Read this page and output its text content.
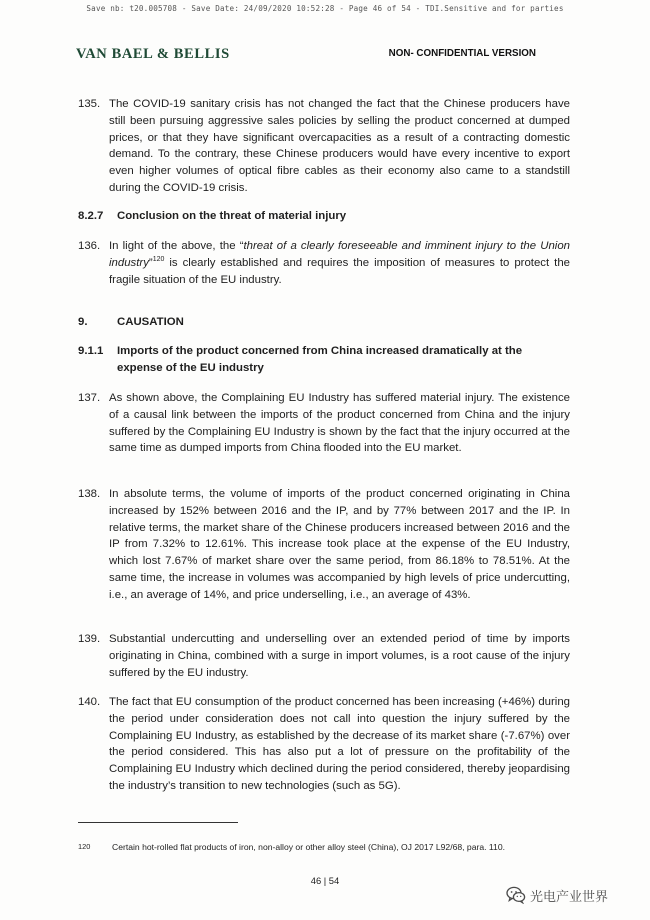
Save nb: t20.005708 - Save Date: 24/09/2020 10:52:28 - Page 46 of 54 - TDI.Sensitive and for parties
VAN BAEL & BELLIS	NON- CONFIDENTIAL VERSION
135. The COVID-19 sanitary crisis has not changed the fact that the Chinese producers have still been pursuing aggressive sales policies by selling the product concerned at dumped prices, or that they have significant overcapacities as a result of a contracting domestic demand. To the contrary, these Chinese producers would have every incentive to export even higher volumes of optical fibre cables as their economy also came to a standstill during the COVID-19 crisis.
8.2.7 Conclusion on the threat of material injury
136. In light of the above, the “threat of a clearly foreseeable and imminent injury to the Union industry”$^{120}$ is clearly established and requires the imposition of measures to protect the fragile situation of the EU industry.
9.	CAUSATION
9.1.1 Imports of the product concerned from China increased dramatically at the expense of the EU industry
137. As shown above, the Complaining EU Industry has suffered material injury. The existence of a causal link between the imports of the product concerned from China and the injury suffered by the Complaining EU Industry is shown by the fact that the injury occurred at the same time as dumped imports from China flooded into the EU market.
138. In absolute terms, the volume of imports of the product concerned originating in China increased by 152% between 2016 and the IP, and by 77% between 2017 and the IP. In relative terms, the market share of the Chinese producers increased between 2016 and the IP from 7.32% to 12.61%. This increase took place at the expense of the EU Industry, which lost 7.67% of market share over the same period, from 86.18% to 78.51%. At the same time, the increase in volumes was accompanied by high levels of price undercutting, i.e., an average of 14%, and price underselling, i.e., an average of 43%.
139. Substantial undercutting and underselling over an extended period of time by imports originating in China, combined with a surge in import volumes, is a root cause of the injury suffered by the EU industry.
140. The fact that EU consumption of the product concerned has been increasing (+46%) during the period under consideration does not call into question the injury suffered by the Complaining EU Industry, as established by the decrease of its market share (-7.67%) over the period considered. This has also put a lot of pressure on the profitability of the Complaining EU Industry which declined during the period considered, thereby jeopardising the industry’s transition to new technologies (such as 5G).
120	Certain hot-rolled flat products of iron, non-alloy or other alloy steel (China), OJ 2017 L92/68, para. 110.
46 | 54
光电产业世界
